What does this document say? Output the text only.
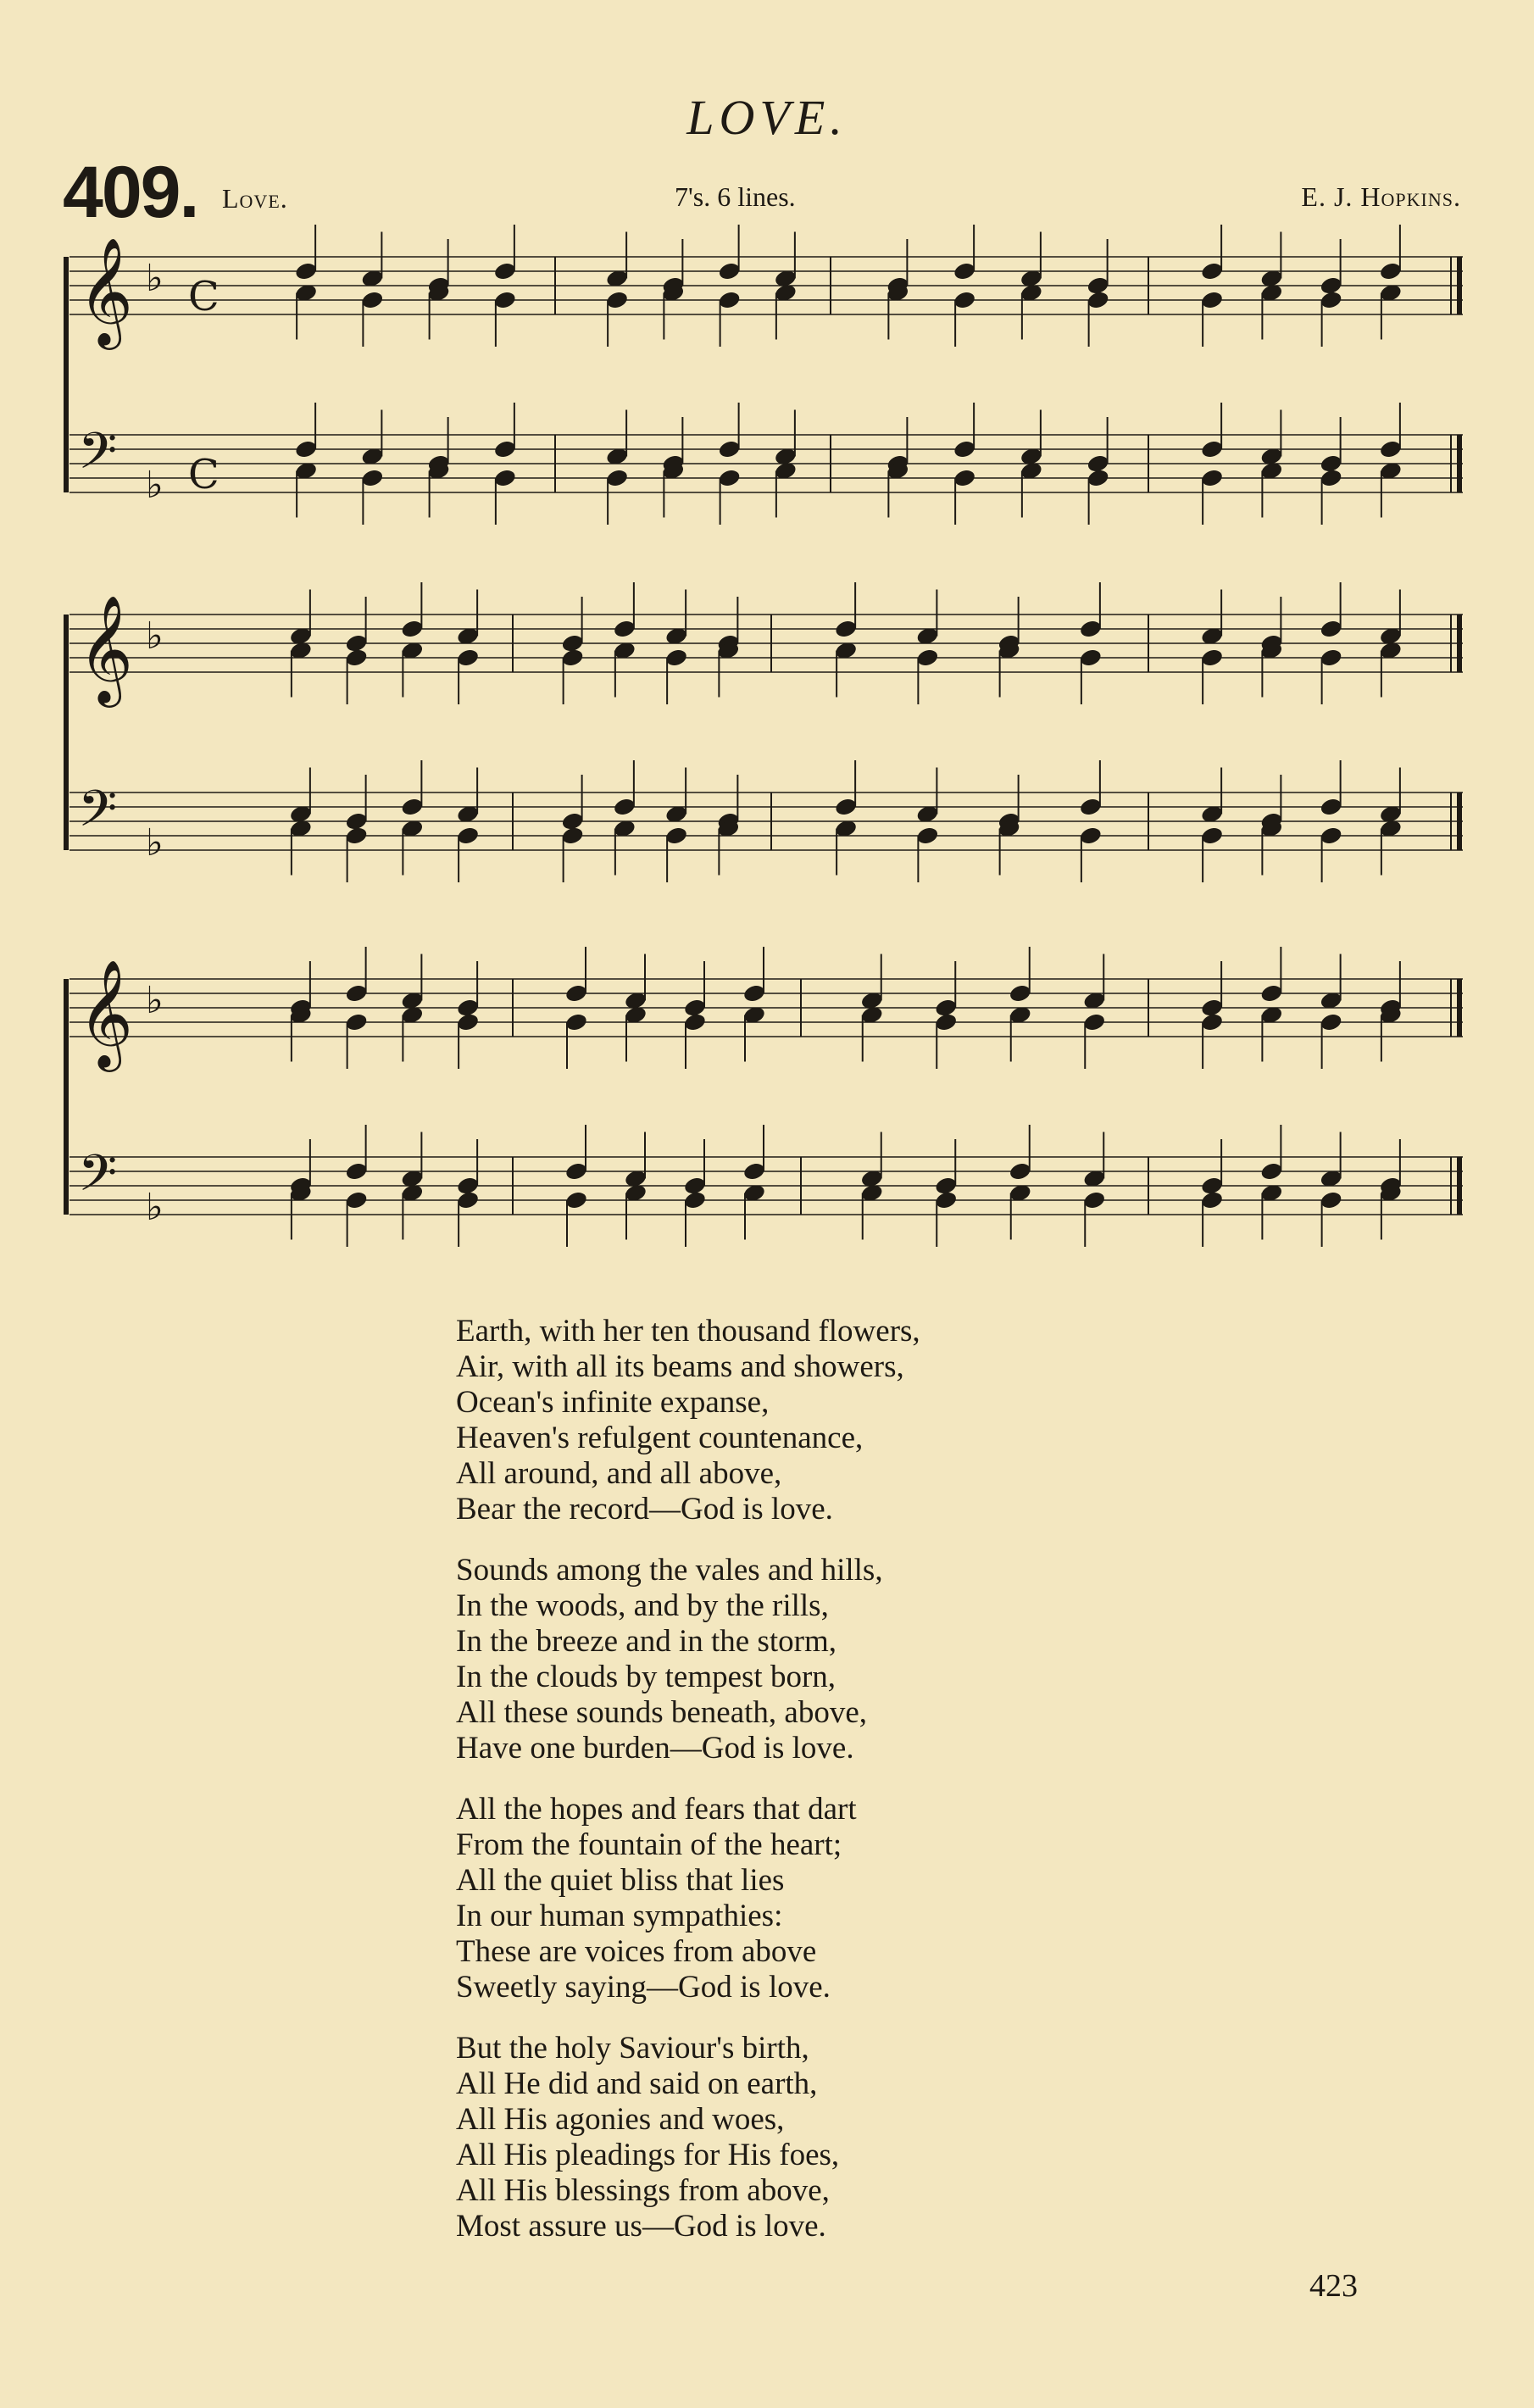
LOVE.
409. Love.	7's. 6 lines.	E. J. Hopkins.
𝄞 ♭ C
𝄢 ♭ C
𝄞 ♭
𝄢 ♭
𝄞 ♭
𝄢 ♭
Earth, with her ten thousand flowers,
Air, with all its beams and showers,
Ocean's infinite expanse,
Heaven's refulgent countenance,
All around, and all above,
Bear the record—God is love.
Sounds among the vales and hills,
In the woods, and by the rills,
In the breeze and in the storm,
In the clouds by tempest born,
All these sounds beneath, above,
Have one burden—God is love.
All the hopes and fears that dart
From the fountain of the heart;
All the quiet bliss that lies
In our human sympathies:
These are voices from above
Sweetly saying—God is love.
But the holy Saviour's birth,
All He did and said on earth,
All His agonies and woes,
All His pleadings for His foes,
All His blessings from above,
Most assure us—God is love.
423
